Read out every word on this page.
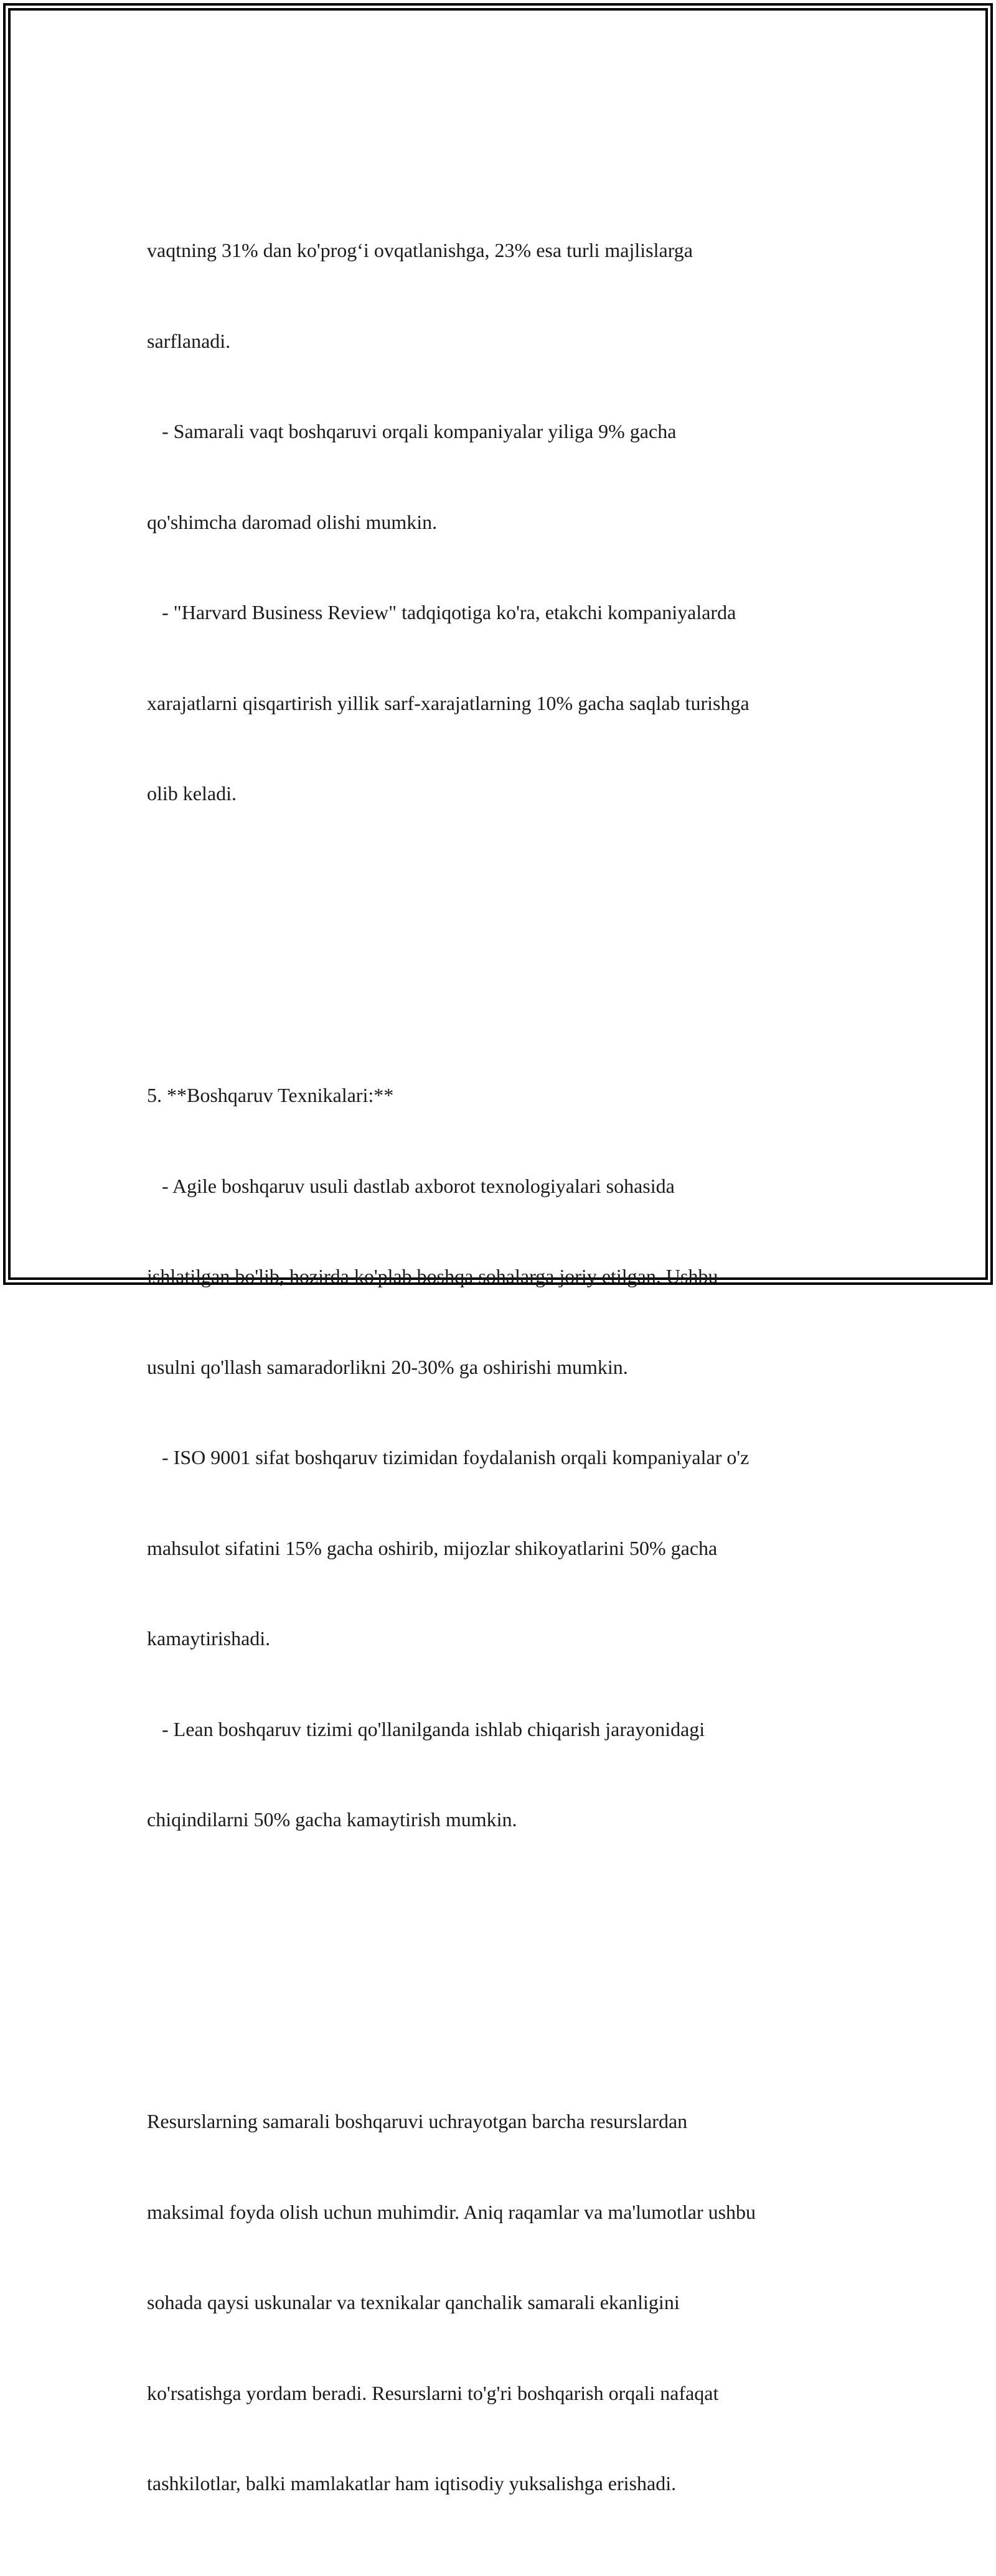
vaqtning 31% dan ko'prog‘i ovqatlanishga, 23% esa turli majlislarga

sarflanadi.

- Samarali vaqt boshqaruvi orqali kompaniyalar yiliga 9% gacha

qo'shimcha daromad olishi mumkin.

- "Harvard Business Review" tadqiqotiga ko'ra, etakchi kompaniyalarda

xarajatlarni qisqartirish yillik sarf-xarajatlarning 10% gacha saqlab turishga

olib keladi.

5. **Boshqaruv Texnikalari:**

- Agile boshqaruv usuli dastlab axborot texnologiyalari sohasida

ishlatilgan bo'lib, hozirda ko'plab boshqa sohalarga joriy etilgan. Ushbu

usulni qo'llash samaradorlikni 20-30% ga oshirishi mumkin.

- ISO 9001 sifat boshqaruv tizimidan foydalanish orqali kompaniyalar o'z

mahsulot sifatini 15% gacha oshirib, mijozlar shikoyatlarini 50% gacha

kamaytirishadi.

- Lean boshqaruv tizimi qo'llanilganda ishlab chiqarish jarayonidagi

chiqindilarni 50% gacha kamaytirish mumkin.

Resurslarning samarali boshqaruvi uchrayotgan barcha resurslardan

maksimal foyda olish uchun muhimdir. Aniq raqamlar va ma'lumotlar ushbu

sohada qaysi uskunalar va texnikalar qanchalik samarali ekanligini

ko'rsatishga yordam beradi. Resurslarni to'g'ri boshqarish orqali nafaqat

tashkilotlar, balki mamlakatlar ham iqtisodiy yuksalishga erishadi.
